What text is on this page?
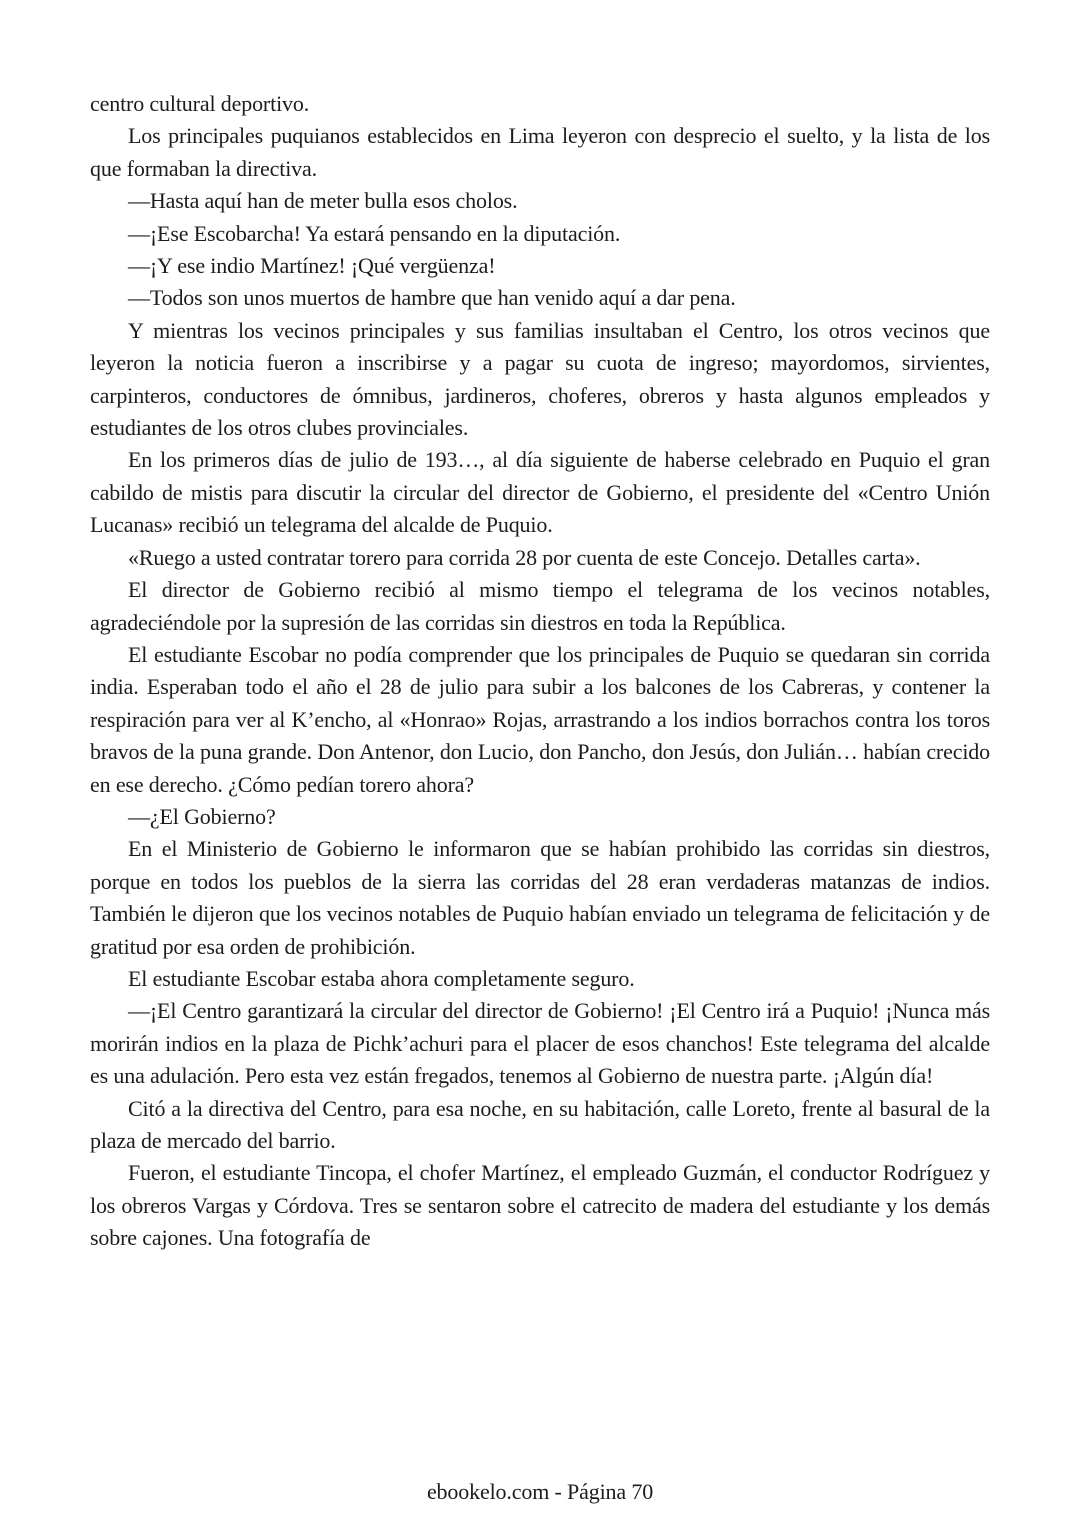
centro cultural deportivo.

Los principales puquianos establecidos en Lima leyeron con desprecio el suelto, y la lista de los que formaban la directiva.

—Hasta aquí han de meter bulla esos cholos.

—¡Ese Escobarcha! Ya estará pensando en la diputación.

—¡Y ese indio Martínez! ¡Qué vergüenza!

—Todos son unos muertos de hambre que han venido aquí a dar pena.

Y mientras los vecinos principales y sus familias insultaban el Centro, los otros vecinos que leyeron la noticia fueron a inscribirse y a pagar su cuota de ingreso; mayordomos, sirvientes, carpinteros, conductores de ómnibus, jardineros, choferes, obreros y hasta algunos empleados y estudiantes de los otros clubes provinciales.

En los primeros días de julio de 193…, al día siguiente de haberse celebrado en Puquio el gran cabildo de mistis para discutir la circular del director de Gobierno, el presidente del «Centro Unión Lucanas» recibió un telegrama del alcalde de Puquio.

«Ruego a usted contratar torero para corrida 28 por cuenta de este Concejo. Detalles carta».

El director de Gobierno recibió al mismo tiempo el telegrama de los vecinos notables, agradeciéndole por la supresión de las corridas sin diestros en toda la República.

El estudiante Escobar no podía comprender que los principales de Puquio se quedaran sin corrida india. Esperaban todo el año el 28 de julio para subir a los balcones de los Cabreras, y contener la respiración para ver al K’encho, al «Honrao» Rojas, arrastrando a los indios borrachos contra los toros bravos de la puna grande. Don Antenor, don Lucio, don Pancho, don Jesús, don Julián… habían crecido en ese derecho. ¿Cómo pedían torero ahora?

—¿El Gobierno?

En el Ministerio de Gobierno le informaron que se habían prohibido las corridas sin diestros, porque en todos los pueblos de la sierra las corridas del 28 eran verdaderas matanzas de indios. También le dijeron que los vecinos notables de Puquio habían enviado un telegrama de felicitación y de gratitud por esa orden de prohibición.

El estudiante Escobar estaba ahora completamente seguro.

—¡El Centro garantizará la circular del director de Gobierno! ¡El Centro irá a Puquio! ¡Nunca más morirán indios en la plaza de Pichk’achuri para el placer de esos chanchos! Este telegrama del alcalde es una adulación. Pero esta vez están fregados, tenemos al Gobierno de nuestra parte. ¡Algún día!

Citó a la directiva del Centro, para esa noche, en su habitación, calle Loreto, frente al basural de la plaza de mercado del barrio.

Fueron, el estudiante Tincopa, el chofer Martínez, el empleado Guzmán, el conductor Rodríguez y los obreros Vargas y Córdova. Tres se sentaron sobre el catrecito de madera del estudiante y los demás sobre cajones. Una fotografía de

ebookelo.com - Página 70
